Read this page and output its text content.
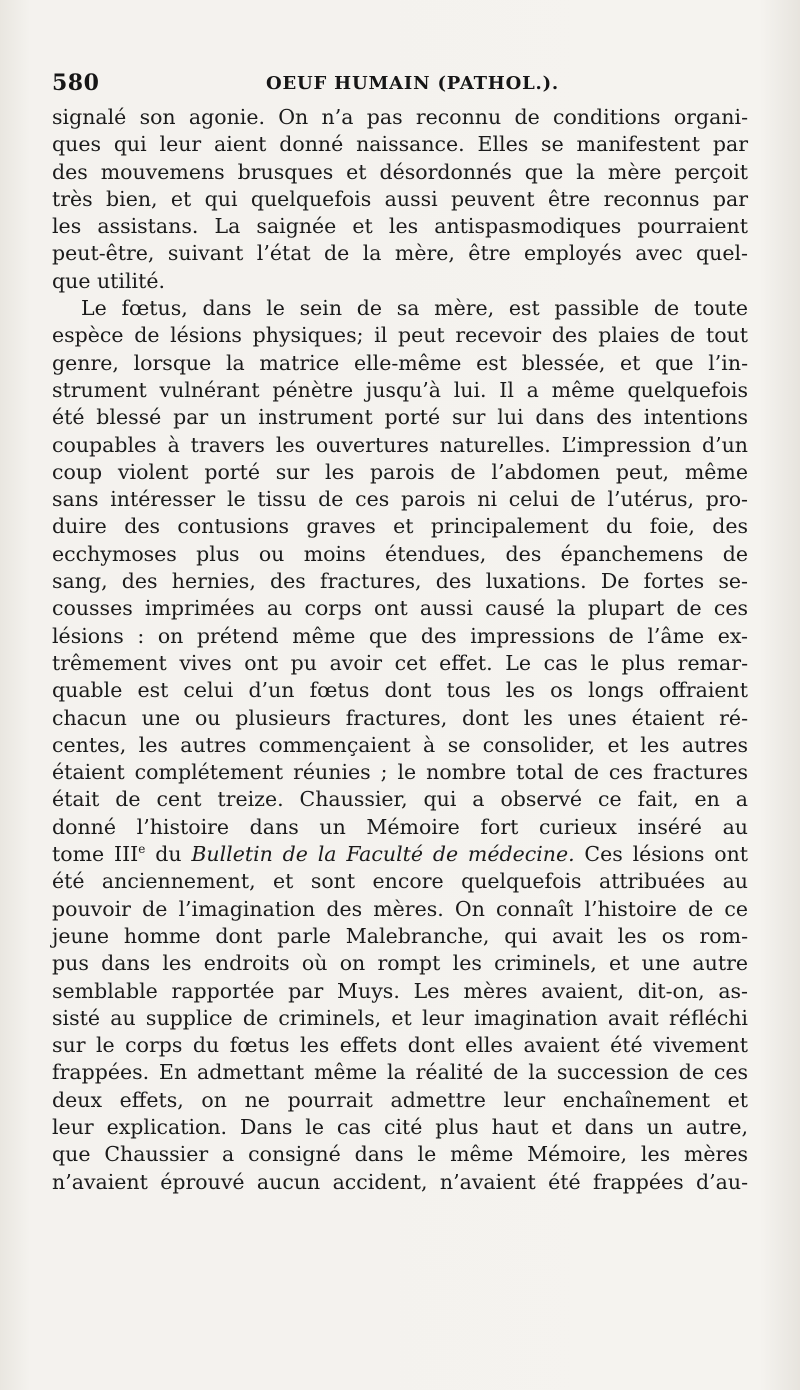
580	OEUF HUMAIN (PATHOL.).
signalé son agonie. On n’a pas reconnu de conditions organi-
ques qui leur aient donné naissance. Elles se manifestent par
des mouvemens brusques et désordonnés que la mère perçoit
très bien, et qui quelquefois aussi peuvent être reconnus par
les assistans. La saignée et les antispasmodiques pourraient
peut-être, suivant l’état de la mère, être employés avec quel-
que utilité.
Le fœtus, dans le sein de sa mère, est passible de toute
espèce de lésions physiques; il peut recevoir des plaies de tout
genre, lorsque la matrice elle-même est blessée, et que l’in-
strument vulnérant pénètre jusqu’à lui. Il a même quelquefois
été blessé par un instrument porté sur lui dans des intentions
coupables à travers les ouvertures naturelles. L’impression d’un
coup violent porté sur les parois de l’abdomen peut, même
sans intéresser le tissu de ces parois ni celui de l’utérus, pro-
duire des contusions graves et principalement du foie, des
ecchymoses plus ou moins étendues, des épanchemens de
sang, des hernies, des fractures, des luxations. De fortes se-
cousses imprimées au corps ont aussi causé la plupart de ces
lésions : on prétend même que des impressions de l’âme ex-
trêmement vives ont pu avoir cet effet. Le cas le plus remar-
quable est celui d’un fœtus dont tous les os longs offraient
chacun une ou plusieurs fractures, dont les unes étaient ré-
centes, les autres commençaient à se consolider, et les autres
étaient complétement réunies ; le nombre total de ces fractures
était de cent treize. Chaussier, qui a observé ce fait, en a
donné l’histoire dans un Mémoire fort curieux inséré au
tome IIIe du Bulletin de la Faculté de médecine. Ces lésions ont
été anciennement, et sont encore quelquefois attribuées au
pouvoir de l’imagination des mères. On connaît l’histoire de ce
jeune homme dont parle Malebranche, qui avait les os rom-
pus dans les endroits où on rompt les criminels, et une autre
semblable rapportée par Muys. Les mères avaient, dit-on, as-
sisté au supplice de criminels, et leur imagination avait réfléchi
sur le corps du fœtus les effets dont elles avaient été vivement
frappées. En admettant même la réalité de la succession de ces
deux effets, on ne pourrait admettre leur enchaînement et
leur explication. Dans le cas cité plus haut et dans un autre,
que Chaussier a consigné dans le même Mémoire, les mères
n’avaient éprouvé aucun accident, n’avaient été frappées d’au-
